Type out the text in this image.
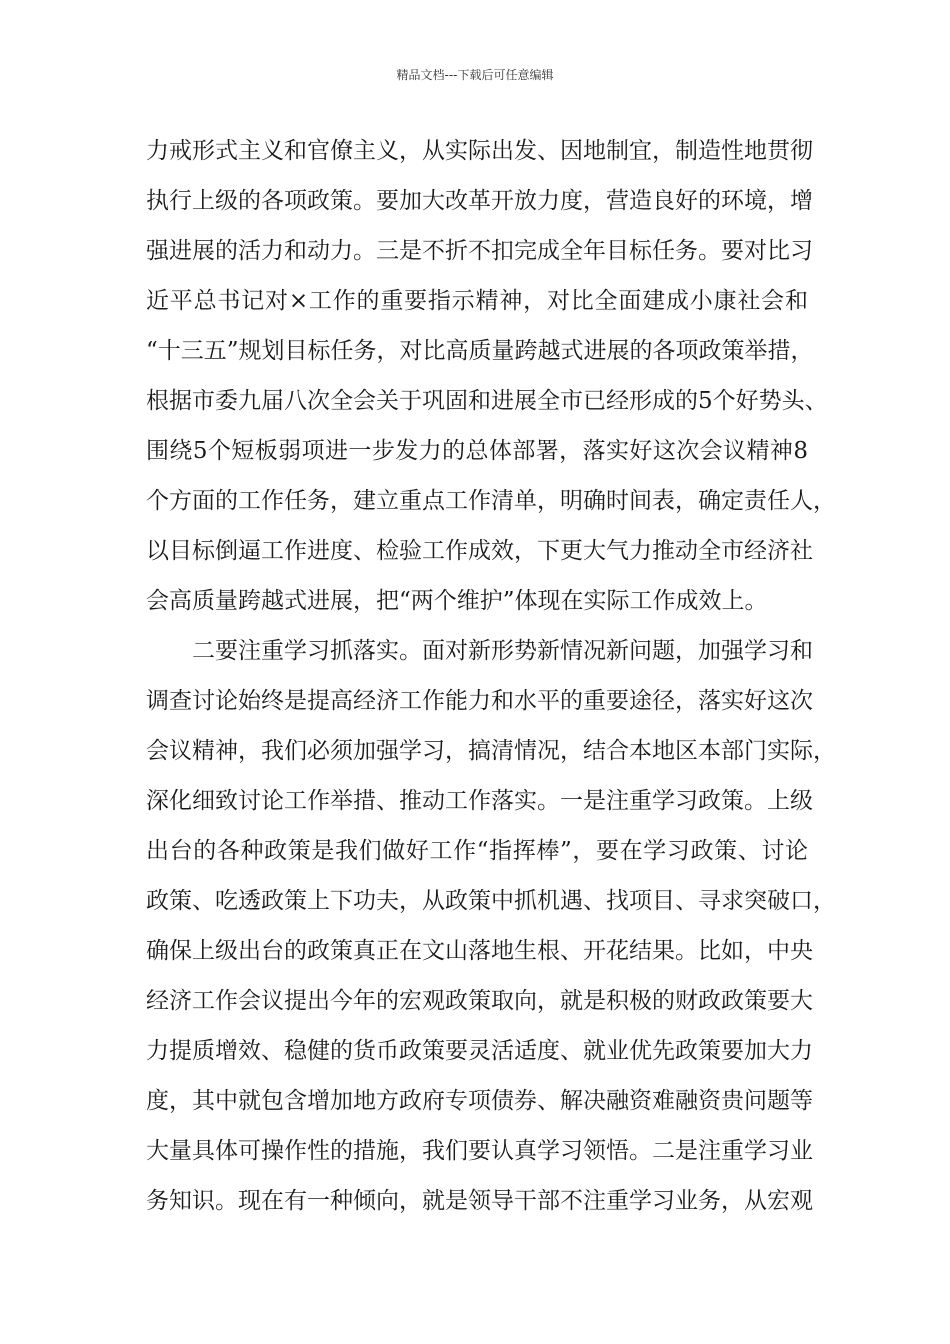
精品文档---下载后可任意编辑
力戒形式主义和官僚主义，从实际出发、因地制宜，制造性地贯彻
执行上级的各项政策。要加大改革开放力度，营造良好的环境，增
强进展的活力和动力。三是不折不扣完成全年目标任务。要对比习
近平总书记对×工作的重要指示精神，对比全面建成小康社会和
“十三五”规划目标任务，对比高质量跨越式进展的各项政策举措，
根据市委九届八次全会关于巩固和进展全市已经形成的5个好势头、
围绕5个短板弱项进一步发力的总体部署，落实好这次会议精神8
个方面的工作任务，建立重点工作清单，明确时间表，确定责任人，
以目标倒逼工作进度、检验工作成效，下更大气力推动全市经济社
会高质量跨越式进展，把“两个维护”体现在实际工作成效上。
二要注重学习抓落实。面对新形势新情况新问题，加强学习和
调查讨论始终是提高经济工作能力和水平的重要途径，落实好这次
会议精神，我们必须加强学习，搞清情况，结合本地区本部门实际，
深化细致讨论工作举措、推动工作落实。一是注重学习政策。上级
出台的各种政策是我们做好工作“指挥棒”，要在学习政策、讨论
政策、吃透政策上下功夫，从政策中抓机遇、找项目、寻求突破口，
确保上级出台的政策真正在文山落地生根、开花结果。比如，中央
经济工作会议提出今年的宏观政策取向，就是积极的财政政策要大
力提质增效、稳健的货币政策要灵活适度、就业优先政策要加大力
度，其中就包含增加地方政府专项债券、解决融资难融资贵问题等
大量具体可操作性的措施，我们要认真学习领悟。二是注重学习业
务知识。现在有一种倾向，就是领导干部不注重学习业务，从宏观
